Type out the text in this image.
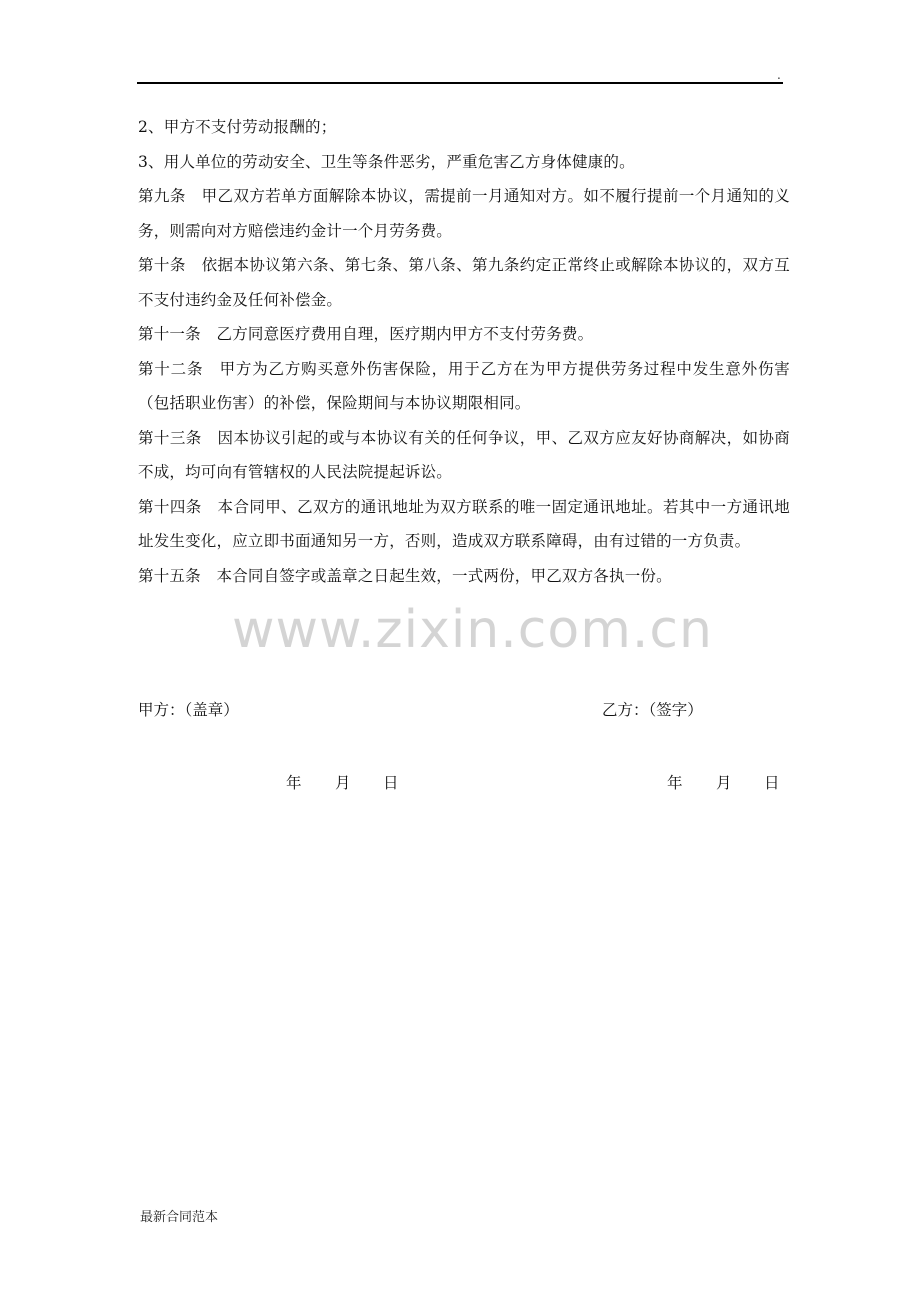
.

2、甲方不支付劳动报酬的；

3、用人单位的劳动安全、卫生等条件恶劣，严重危害乙方身体健康的。

第九条　甲乙双方若单方面解除本协议，需提前一月通知对方。如不履行提前一个月通知的义务，则需向对方赔偿违约金计一个月劳务费。

第十条　依据本协议第六条、第七条、第八条、第九条约定正常终止或解除本协议的，双方互不支付违约金及任何补偿金。

第十一条　乙方同意医疗费用自理，医疗期内甲方不支付劳务费。

第十二条　甲方为乙方购买意外伤害保险，用于乙方在为甲方提供劳务过程中发生意外伤害（包括职业伤害）的补偿，保险期间与本协议期限相同。

第十三条　因本协议引起的或与本协议有关的任何争议，甲、乙双方应友好协商解决，如协商不成，均可向有管辖权的人民法院提起诉讼。

第十四条　本合同甲、乙双方的通讯地址为双方联系的唯一固定通讯地址。若其中一方通讯地址发生变化，应立即书面通知另一方，否则，造成双方联系障碍，由有过错的一方负责。

第十五条　本合同自签字或盖章之日起生效，一式两份，甲乙双方各执一份。

www.zixin.com.cn
甲方：（盖章）	乙方：（签字）
年 月 日	年 月 日
最新合同范本
